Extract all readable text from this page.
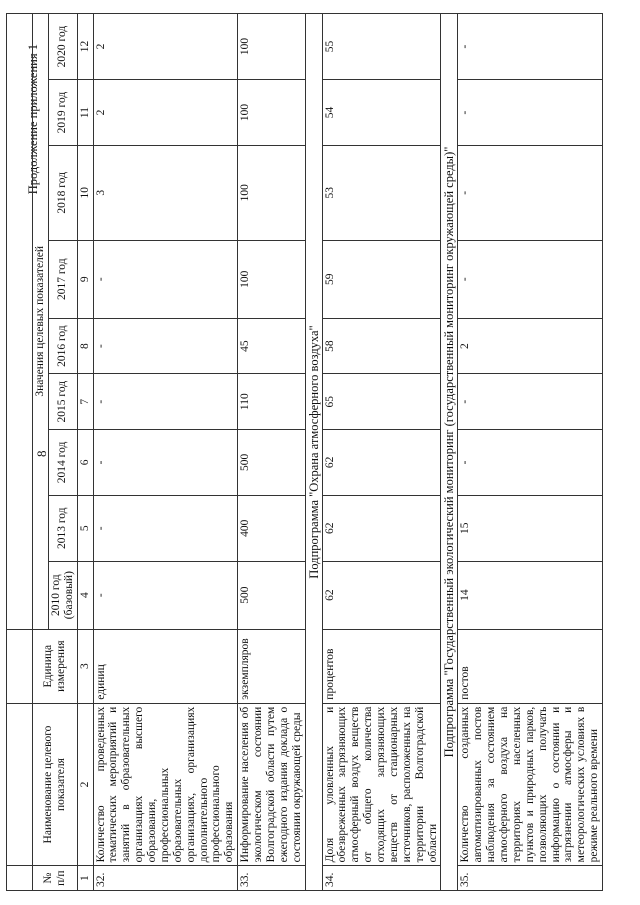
8
Продолжение приложения 1

№ п/п	Наименование целевого показателя	Единица измерения	Значения целевых показателей								
			2010 год (базовый)	2013 год	2014 год	2015 год	2016 год	2017 год	2018 год	2019 год	2020 год
1	2	3	4	5	6	7	8	9	10	11	12
32.	Количество проведенных тематических мероприятий и занятий в образовательных организациях высшего образования, профессиональных образовательных организациях, организациях дополнительного профессионального образования	единиц	-	-	-	-	-	-	3	2	2
33.	Информирование населения об экологическом состоянии Волгоградской области путем ежегодного издания доклада о состоянии окружающей среды	экземпляров	500	400	500	110	45	100	100	100	100
Подпрограмма "Охрана атмосферного воздуха"											
34.	Доля уловленных и обезвреженных загрязняющих атмосферный воздух веществ от общего количества отходящих загрязняющих веществ от стационарных источников, расположенных на территории Волгоградской области	процентов	62	62	62	65	58	59	53	54	55
Подпрограмма "Государственный экологический мониторинг (государственный мониторинг окружающей среды)"											
35.	Количество созданных автоматизированных постов наблюдения за состоянием атмосферного воздуха на территориях населенных пунктов и природных парков, позволяющих получать информацию о состоянии и загрязнении атмосферы и метеорологических условиях в режиме реального времени	постов	14	15	-	-	2	-	-	-	-
